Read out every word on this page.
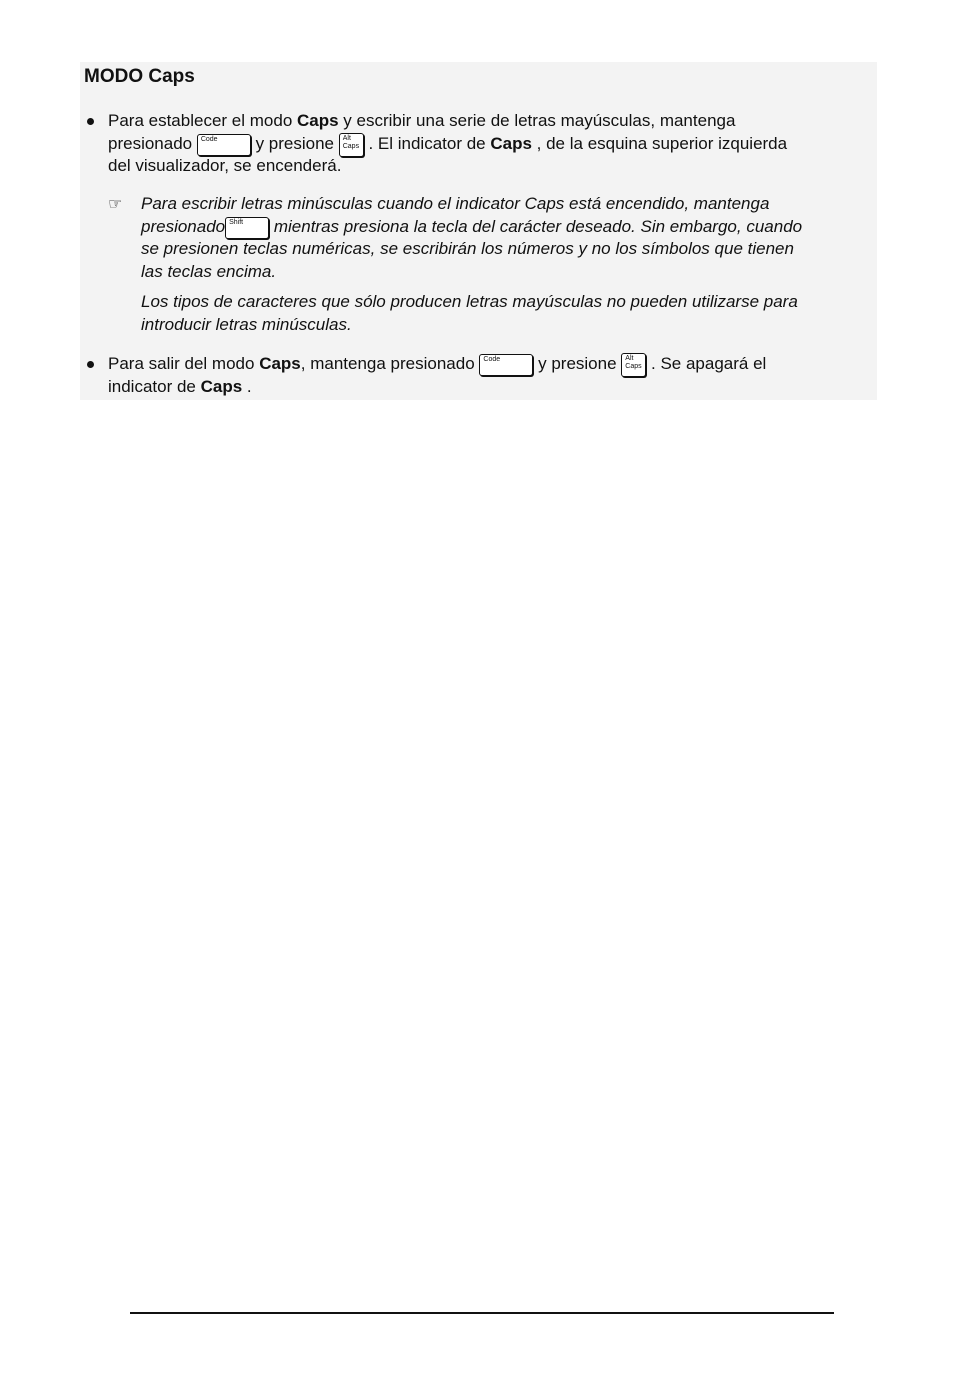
MODO Caps
Para establecer el modo Caps y escribir una serie de letras mayúsculas, mantenga
presionado Code y presione Alt
Caps . El indicator de Caps , de la esquina superior izquierda
del visualizador, se encenderá.
☞ Para escribir letras minúsculas cuando el indicator Caps está encendido, mantenga
presionado Shift mientras presiona la tecla del carácter deseado. Sin embargo, cuando
se presionen teclas numéricas, se escribirán los números y no los símbolos que tienen
las teclas encima.
Los tipos de caracteres que sólo producen letras mayúsculas no pueden utilizarse para
introducir letras minúsculas.
Para salir del modo Caps, mantenga presionado Code y presione Alt
Caps . Se apagará el
indicator de Caps .
